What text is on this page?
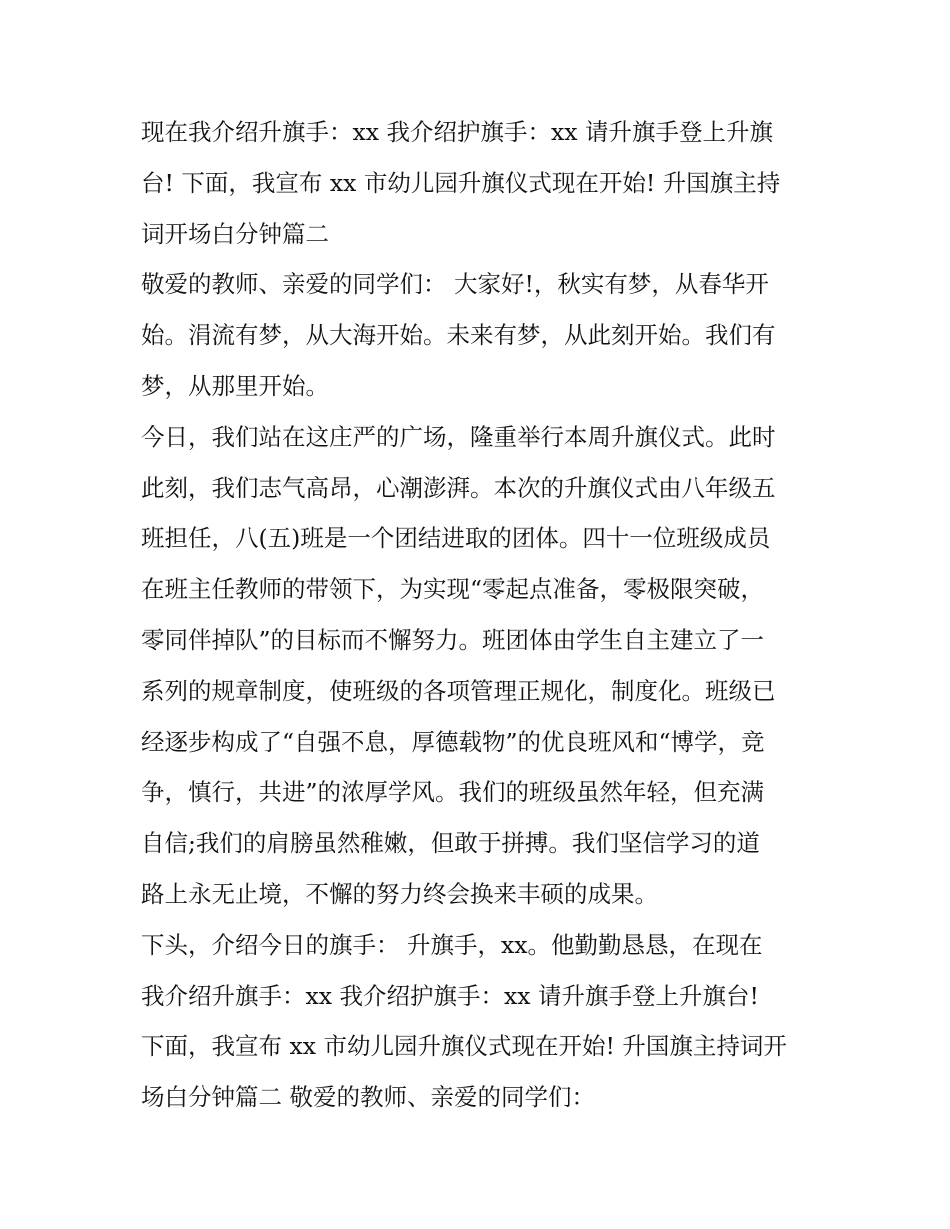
现在我介绍升旗手：xx 我介绍护旗手：xx 请升旗手登上升旗
台! 下面，我宣布 xx 市幼儿园升旗仪式现在开始! 升国旗主持
词开场白分钟篇二

敬爱的教师、亲爱的同学们： 大家好!，秋实有梦，从春华开
始。涓流有梦，从大海开始。未来有梦，从此刻开始。我们有
梦，从那里开始。

今日，我们站在这庄严的广场，隆重举行本周升旗仪式。此时
此刻，我们志气高昂，心潮澎湃。本次的升旗仪式由八年级五
班担任，八(五)班是一个团结进取的团体。四十一位班级成员
在班主任教师的带领下，为实现“零起点准备，零极限突破，
零同伴掉队”的目标而不懈努力。班团体由学生自主建立了一
系列的规章制度，使班级的各项管理正规化，制度化。班级已
经逐步构成了“自强不息，厚德载物”的优良班风和“博学，竞
争，慎行，共进”的浓厚学风。我们的班级虽然年轻，但充满
自信;我们的肩膀虽然稚嫩，但敢于拼搏。我们坚信学习的道
路上永无止境，不懈的努力终会换来丰硕的成果。

下头，介绍今日的旗手： 升旗手，xx。他勤勤恳恳，在现在
我介绍升旗手：xx 我介绍护旗手：xx 请升旗手登上升旗台!
下面，我宣布 xx 市幼儿园升旗仪式现在开始! 升国旗主持词开
场白分钟篇二 敬爱的教师、亲爱的同学们：
